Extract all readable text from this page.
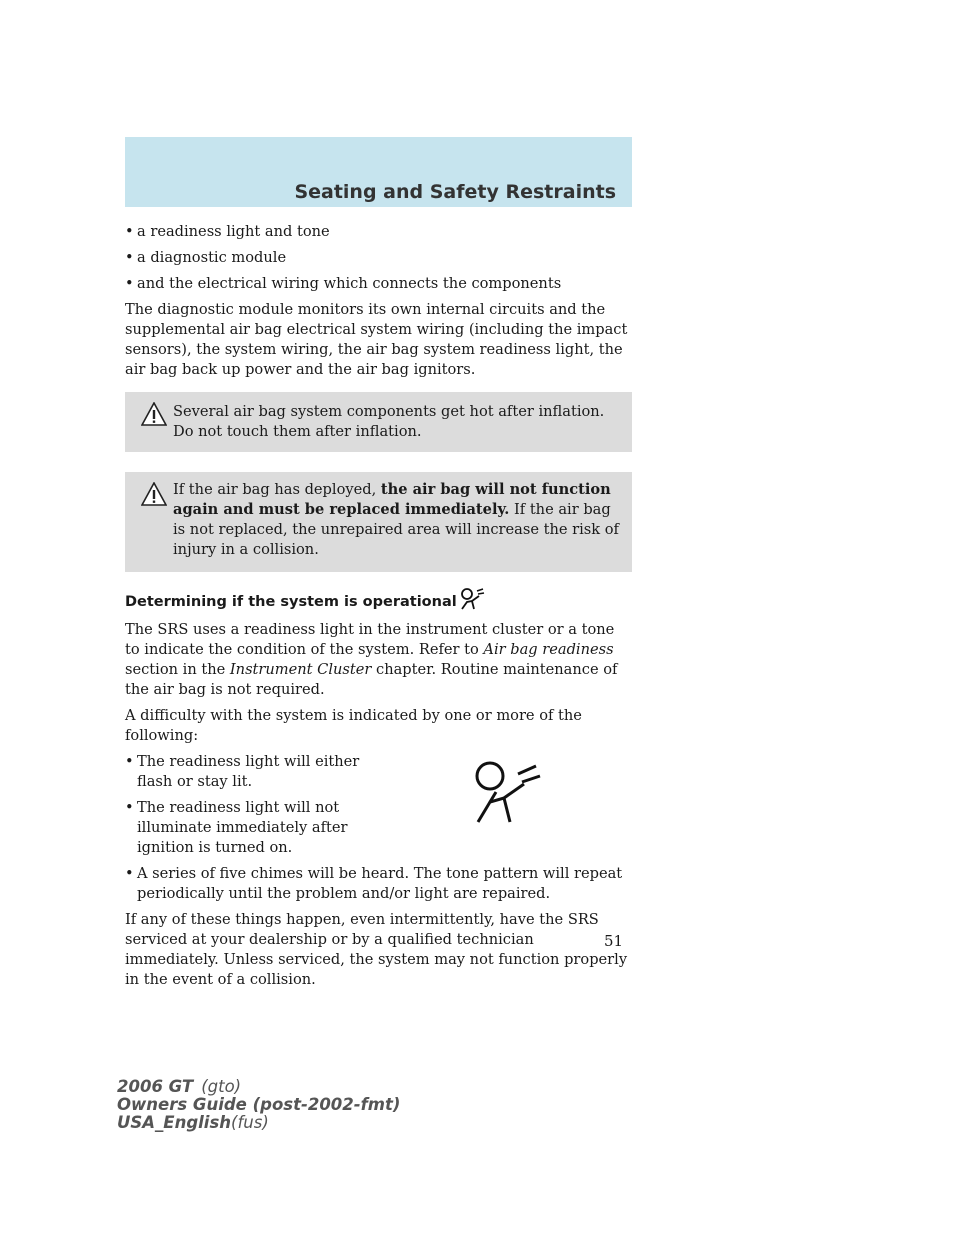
Seating and Safety Restraints
• a readiness light and tone
• a diagnostic module
• and the electrical wiring which connects the components

The diagnostic module monitors its own internal circuits and the supplemental air bag electrical system wiring (including the impact sensors), the system wiring, the air bag system readiness light, the air bag back up power and the air bag ignitors.

Several air bag system components get hot after inflation. Do not touch them after inflation.
If the air bag has deployed, the air bag will not function again and must be replaced immediately. If the air bag is not replaced, the unrepaired area will increase the risk of injury in a collision.
Determining if the system is operational

The SRS uses a readiness light in the instrument cluster or a tone to indicate the condition of the system. Refer to Air bag readiness section in the Instrument Cluster chapter. Routine maintenance of the air bag is not required.

A difficulty with the system is indicated by one or more of the following:

• The readiness light will either flash or stay lit.
• The readiness light will not illuminate immediately after ignition is turned on.
• A series of five chimes will be heard. The tone pattern will repeat periodically until the problem and/or light are repaired.

If any of these things happen, even intermittently, have the SRS serviced at your dealership or by a qualified technician immediately. Unless serviced, the system may not function properly in the event of a collision.

51
2006 GT (gto)
Owners Guide (post-2002-fmt)
USA_English(fus)
